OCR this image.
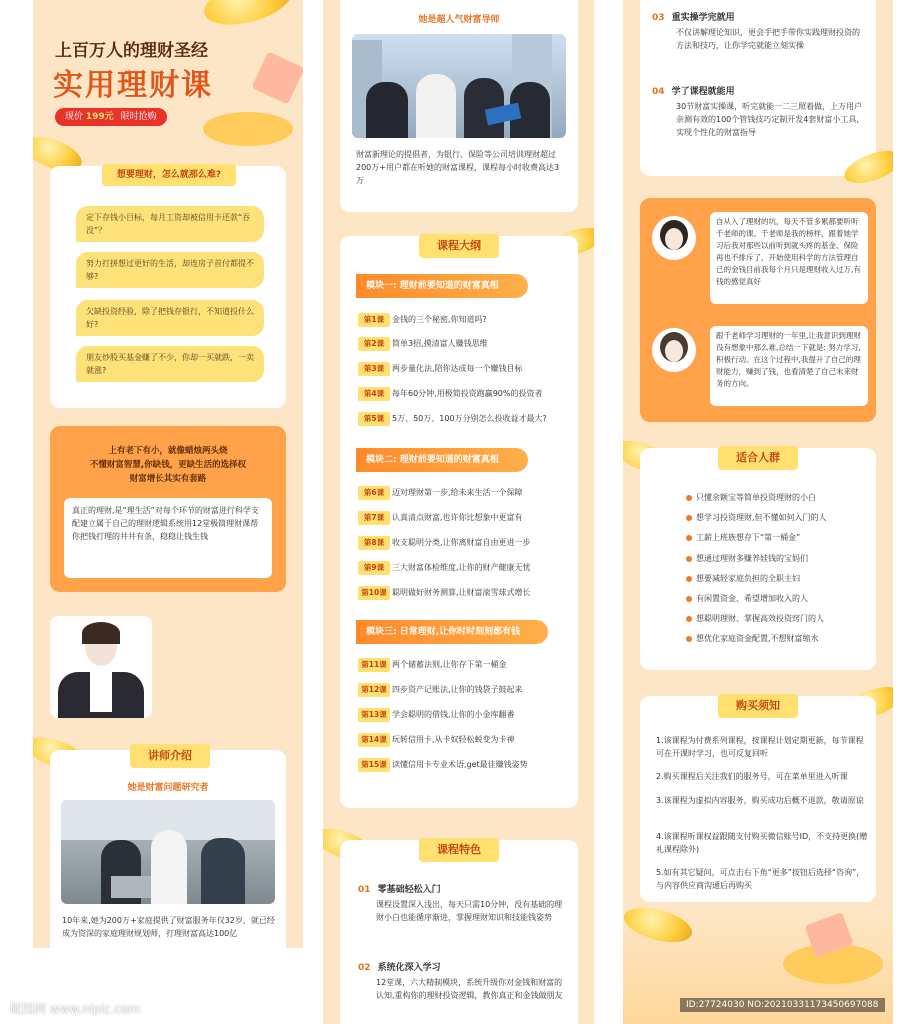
上百万人的理财圣经
实用理财课
现价 199元 限时抢购
想要理财，怎么就那么难?
定下存钱小目标，每月工资却被信用卡还款“吞没”？
努力打拼想过更好的生活，却连房子首付都提不够?
欠缺投资经验，除了把钱存银行，不知道投什么好?
朋友炒股买基金赚了不少，你却一买就跌，一卖就涨?
上有老下有小，就像蜡烛两头烧
不懂财富智慧,你缺钱，更缺生活的选择权
财富增长其实有套路
真正的理财,是“理生活”对每个环节的财富进行科学支配建立属于自己的理财逻辑系统用12堂极简理财课帮你把钱打理的井井有条，稳稳让钱生钱
讲师介绍
她是财富问题研究者
10年来,她为200万+家庭提供了财富服务年仅32岁，就已经成为资深的家庭理财规划师，打理财富高达100亿
她是超人气财富导师
财富新理论的提倡者，为银行、保险等公司培训理财超过200万+用户都在听她的财富课程，课程每小时收费高达3万
课程大纲
模块一: 理财前要知道的财富真相
第1课 金钱的三个秘密,你知道吗?
第2课 简单3招,摸清富人赚钱思维
第3课 两步量化法,陪你达成每一个赚钱目标
第4课 每年60分钟,用极简投资跑赢90%的投资者
第5课 5万、50万、100万分别怎么投收益才最大?
模块二: 理财前要知道的财富真相
第6课 迈对理财第一步,给未来生活一个保障
第7课 认真清点财富,也许你比想象中更富有
第8课 收支聪明分类,让你离财富自由更进一步
第9课 三大财富体检维度,让你的财产健康无忧
第10课 聪明做好财务测算,让财富滚雪球式增长
模块三: 日常理财,让你时时刻刻都有钱
第11课 两个储蓄法则,让你存下第一桶金
第12课 四步资产记账法,让你的钱袋子鼓起来
第13课 学会聪明的借钱,让你的小金库翻番
第14课 玩转信用卡,从卡奴轻松蜕变为卡神
第15课 读懂信用卡专业术语,get最佳赚钱姿势
课程特色
01 零基础轻松入门
课程设置深入浅出，每天只需10分钟，没有基础的理财小白也能循序渐进，掌握理财知识和技能钱姿势
02 系统化深入学习
12堂课，六大精制模块，系统升级你对金钱和财富的认知,重构你的理财投资逻辑，教你真正和金钱做朋友
03 重实操学完就用
不仅讲解理论知识，更会手把手带你实践理财投资的方法和技巧，让你学完就能立刻实操
04 学了课程就能用
30节财富实操课，听完就能一二三照着做，上万用户亲测有效的100个管钱技巧定制开发4套财富小工具,实现个性化的财富指导
自从入了理财的坑，每天不管多累都要听听千老师的课。千老师是我的榜样，跟着她学习后我对那些以前听到就头疼的基金、保险再也不排斥了，开始使用科学的方法管理自己的金钱目前我每个月只是理财收入过万,有钱的感觉真好
跟千老师学习理财的一年里,让我意识到理财没有想象中那么难,总结一下就是: 努力学习,积极行动。在这个过程中,我提升了自己的理财能力，赚到了钱，也看清楚了自己未来财务的方向。
适合人群
只懂余额宝等简单投资理财的小白
想学习投资理财,但不懂如何入门的人
工薪上班族想存下“第一桶金”
想通过理财多赚养娃钱的宝妈们
想要减轻家庭负担的全职主妇
有闲置资金、希望增加收入的人
想聪明理财、掌握高效投资窍门的人
想优化家庭资金配置,不想财富缩水
购买须知
1.该课程为付费系列课程，按课程计划定期更新，每节课程可在开课时学习，也可反复回听
2.购买课程后关注我们的服务号，可在菜单里进入听课
3.该课程为虚拟内容服务，购买成功后概不退款，敬请原谅
4.该课程听课权益跟随支付购买微信账号ID，不支持更换(赠礼课程除外)
5.如有其它疑问，可点击右下角“更多”按钮后选择“咨询”，与内容供应商沟通后再购买
昵图网 www.nipic.com	ID:27724030 NO:20210331173450697088
